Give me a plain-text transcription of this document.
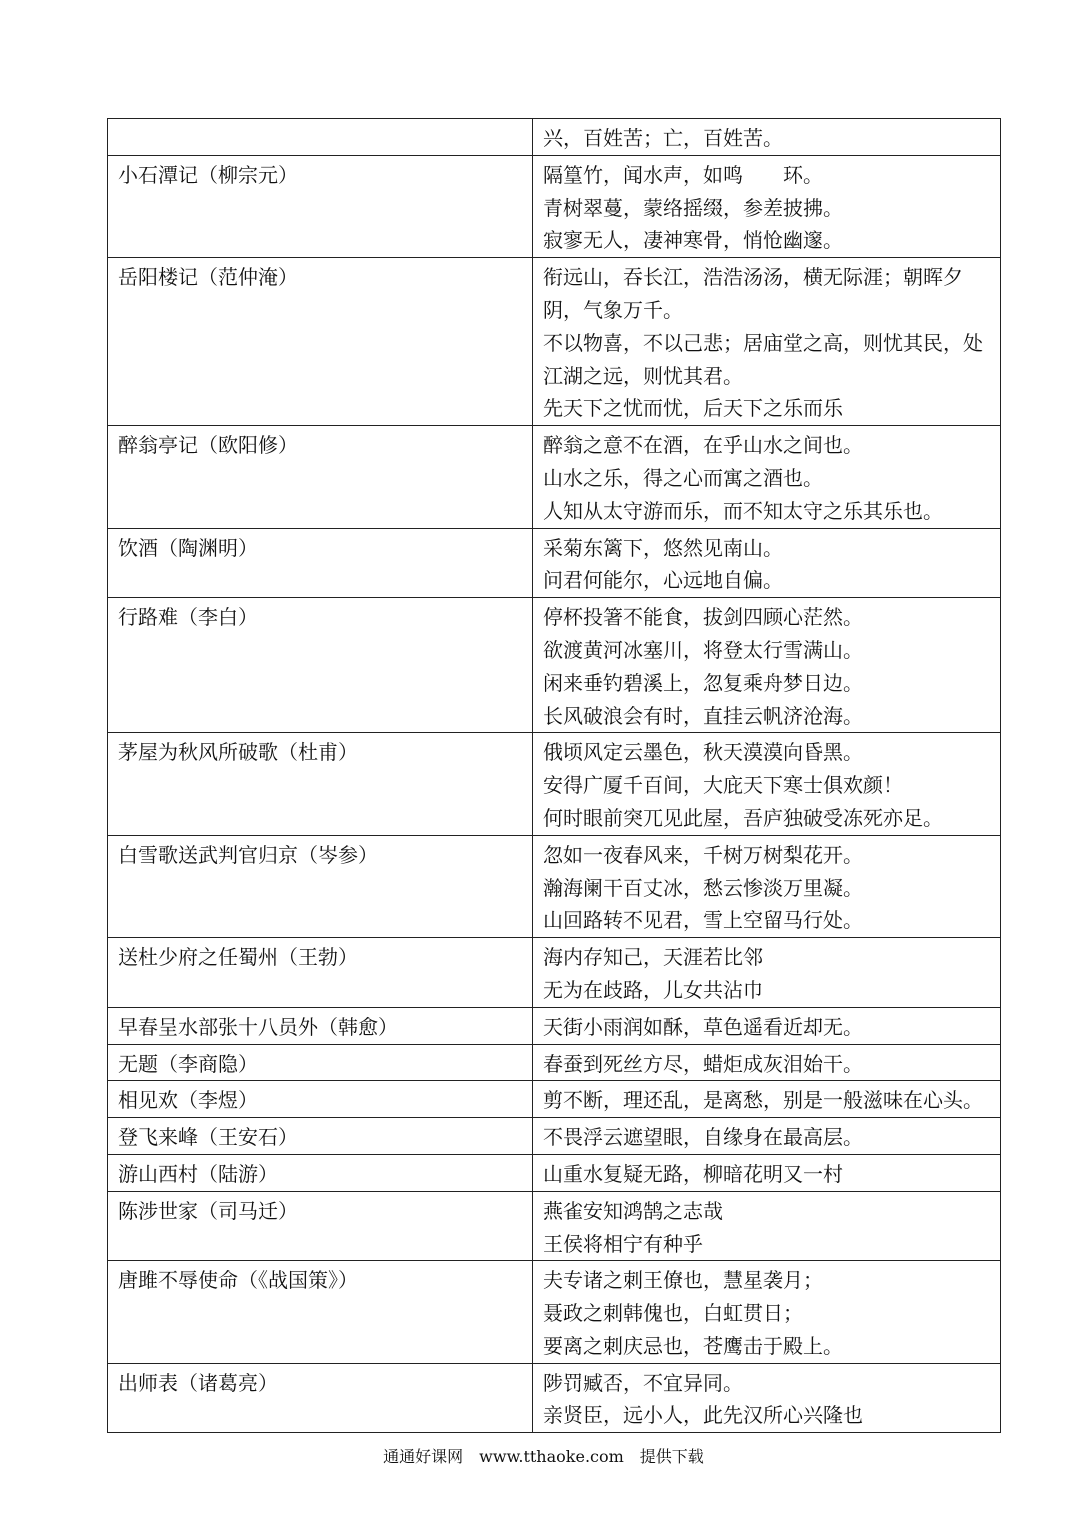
	兴，百姓苦；亡，百姓苦。

小石潭记（柳宗元）	隔篁竹，闻水声，如鸣　　环。
青树翠蔓，蒙络摇缀，参差披拂。
寂寥无人，凄神寒骨，悄怆幽邃。

岳阳楼记（范仲淹）	衔远山，吞长江，浩浩汤汤，横无际涯；朝晖夕阴，气象万千。
不以物喜，不以己悲；居庙堂之高，则忧其民，处江湖之远，则忧其君。
先天下之忧而忧，后天下之乐而乐

醉翁亭记（欧阳修）	醉翁之意不在酒，在乎山水之间也。
山水之乐，得之心而寓之酒也。
人知从太守游而乐，而不知太守之乐其乐也。

饮酒（陶渊明）	采菊东篱下，悠然见南山。
问君何能尔，心远地自偏。

行路难（李白）	停杯投箸不能食，拔剑四顾心茫然。
欲渡黄河冰塞川，将登太行雪满山。
闲来垂钓碧溪上，忽复乘舟梦日边。
长风破浪会有时，直挂云帆济沧海。

茅屋为秋风所破歌（杜甫）	俄顷风定云墨色，秋天漠漠向昏黑。
安得广厦千百间，大庇天下寒士俱欢颜！
何时眼前突兀见此屋，吾庐独破受冻死亦足。

白雪歌送武判官归京（岑参）	忽如一夜春风来，千树万树梨花开。
瀚海阑干百丈冰，愁云惨淡万里凝。
山回路转不见君，雪上空留马行处。

送杜少府之任蜀州（王勃）	海内存知己，天涯若比邻
无为在歧路，儿女共沾巾

早春呈水部张十八员外（韩愈）	天街小雨润如酥，草色遥看近却无。

无题（李商隐）	春蚕到死丝方尽，蜡炬成灰泪始干。

相见欢（李煜）	剪不断，理还乱，是离愁，别是一般滋味在心头。

登飞来峰（王安石）	不畏浮云遮望眼，自缘身在最高层。

游山西村（陆游）	山重水复疑无路，柳暗花明又一村

陈涉世家（司马迁）	燕雀安知鸿鹄之志哉
王侯将相宁有种乎

唐雎不辱使命（《战国策》）	夫专诸之刺王僚也，慧星袭月；
聂政之刺韩傀也，白虹贯日；
要离之刺庆忌也，苍鹰击于殿上。

出师表（诸葛亮）	陟罚臧否，不宜异同。
亲贤臣，远小人，此先汉所心兴隆也
通通好课网　www.tthaoke.com　提供下载
